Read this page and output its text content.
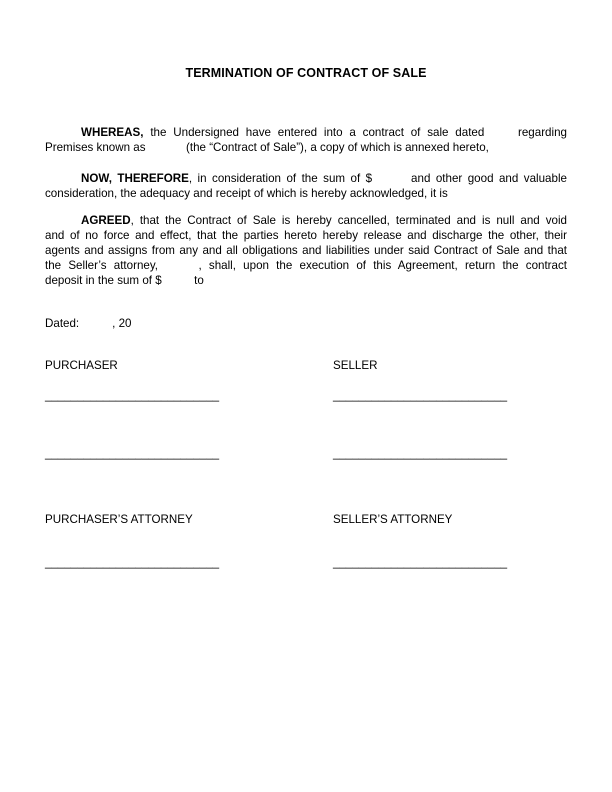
TERMINATION OF CONTRACT OF SALE
WHEREAS, the Undersigned have entered into a contract of sale dated	regarding
Premises known as	(the “Contract of Sale”), a copy of which is annexed hereto,
NOW, THEREFORE, in consideration of the sum of $	and other good and valuable
consideration, the adequacy and receipt of which is hereby acknowledged, it is
AGREED, that the Contract of Sale is hereby cancelled, terminated and is null and void
and of no force and effect, that the parties hereto hereby release and discharge the other, their
agents and assigns from any and all obligations and liabilities under said Contract of Sale and that
the Seller’s attorney,	, shall, upon the execution of this Agreement, return the contract
deposit in the sum of $	to
Dated:	, 20
PURCHASER	SELLER
___________________________	___________________________
___________________________	___________________________
PURCHASER’S ATTORNEY	SELLER’S ATTORNEY
___________________________	___________________________
